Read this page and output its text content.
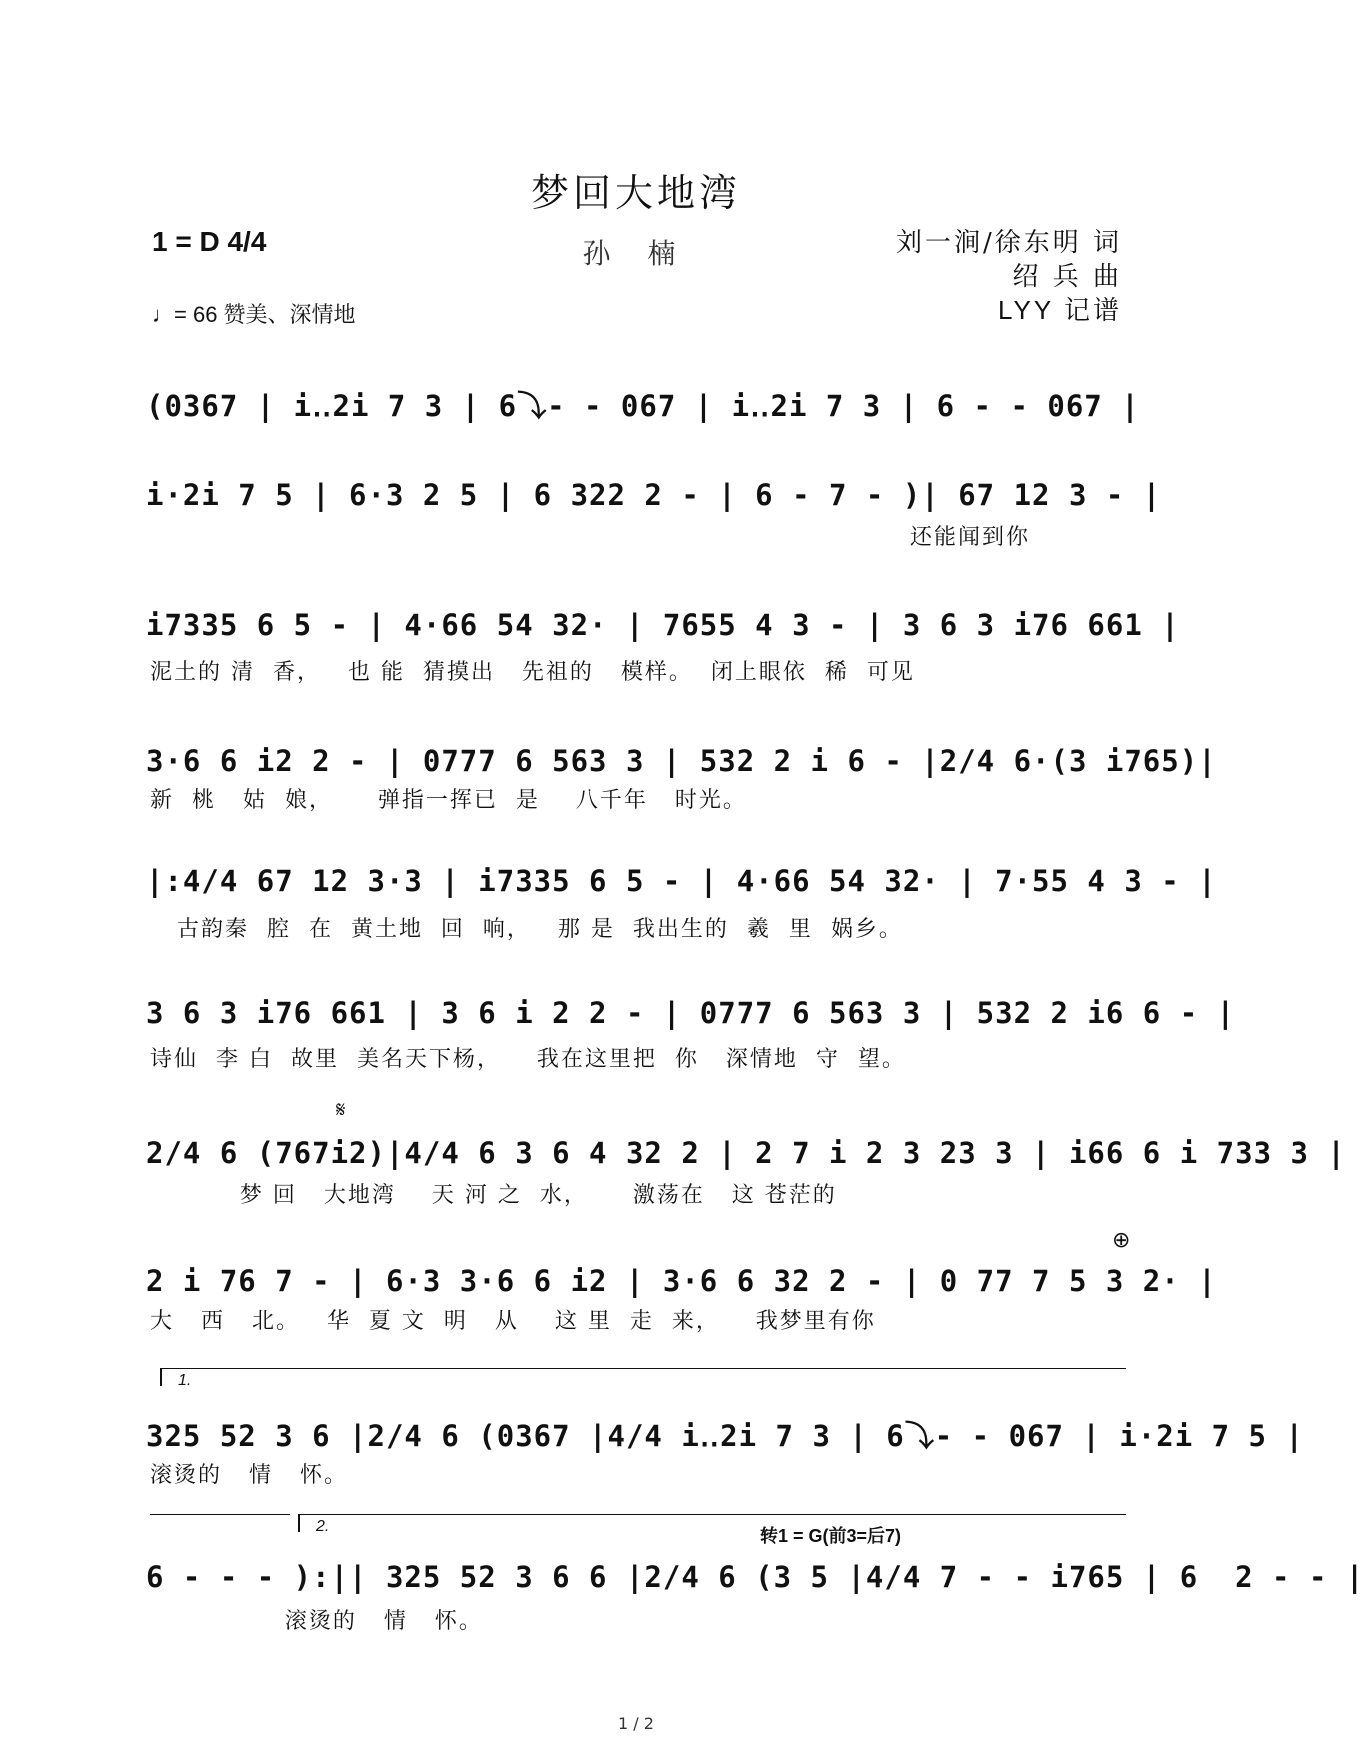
梦回大地湾
孙 楠
1 = D 4/4
♩= 66 赞美、深情地
刘一涧/徐东明 词
绍 兵 曲
LYY 记谱
(0367 | i‥2i 7 3 | 6⤵- - 067 | i‥2i 7 3 | 6 - - 067 |
i·2i 7 5 | 6·3 2 5 | 6 322 2 - | 6 - 7 - )| 67 12 3 - |
还能闻到你
i7335 6 5 - | 4·66 54 32· | 7655 4 3 - | 3 6 3 i76 661 |
泥土的 清  香，   也 能  猜摸出   先祖的   模样。  闭上眼依  稀  可见
3·6 6 i2 2 - | 0777 6 563 3 | 532 2 i 6 - |2/4 6·(3 i765)|
新  桃   姑  娘，     弹指一挥已  是    八千年   时光。
|:4/4 67 12 3·3 | i7335 6 5 - | 4·66 54 32· | 7·55 4 3 - |
古韵秦  腔  在  黄土地  回  响，   那 是  我出生的  羲  里  娲乡。
3 6 3 i76 661 | 3 6 i 2 2 - | 0777 6 563 3 | 532 2 i6 6 - |
诗仙  李 白  故里  美名天下杨，    我在这里把  你   深情地  守  望。
𝄋
2/4 6 (767i2)|4/4 6 3 6 4 32 2 | 2 7 i 2 3 23 3 | i66 6 i 733 3 |
梦 回   大地湾    天 河 之  水，     激荡在   这 苍茫的
⊕
2 i 76 7 - | 6·3 3·6 6 i2 | 3·6 6 32 2 - | 0 77 7 5 3 2· |
大   西   北。   华  夏 文  明   从    这 里  走  来，    我梦里有你
1.
325 52 3 6 |2/4 6 (0367 |4/4 i‥2i 7 3 | 6⤵- - 067 | i·2i 7 5 |
滚烫的   情   怀。
2.	转1 = G(前3=后7)
6 - - - ):|| 325 52 3 6 6 |2/4 6 (3 5 |4/4 7 - - i765 | 6  2 - - |
滚烫的   情   怀。
1 / 2
